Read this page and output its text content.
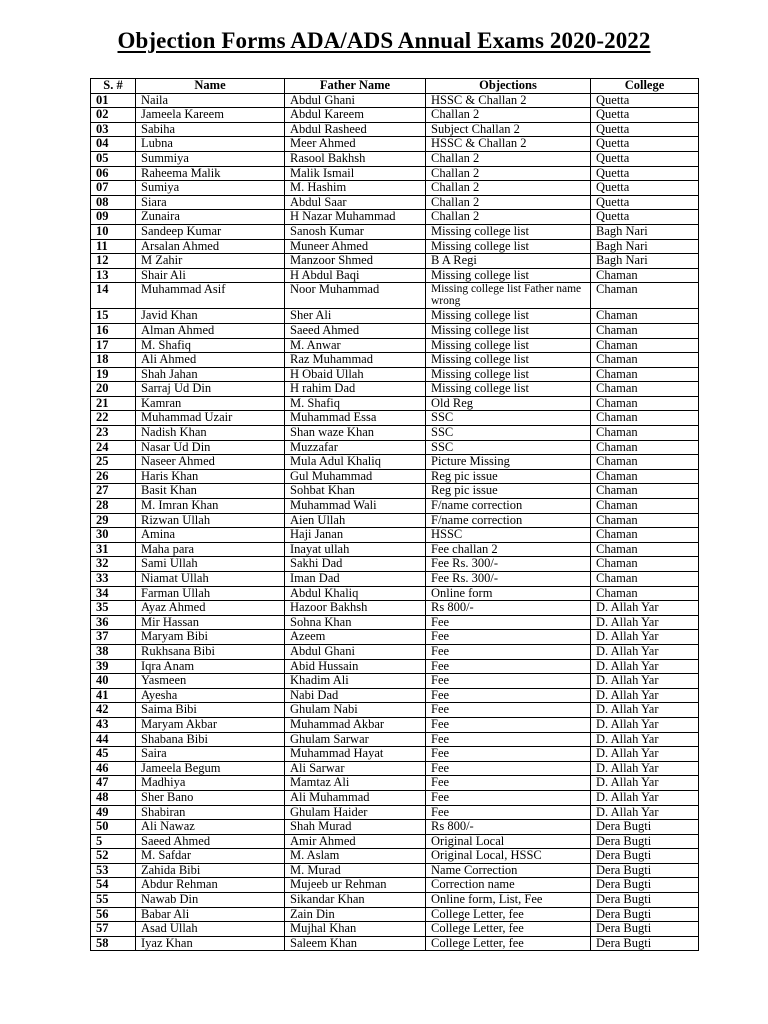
Objection Forms ADA/ADS Annual Exams 2020-2022
S. #	Name	Father Name	Objections	College
01	Naila	Abdul Ghani	HSSC & Challan 2	Quetta
02	Jameela Kareem	Abdul Kareem	Challan 2	Quetta
03	Sabiha	Abdul Rasheed	Subject Challan 2	Quetta
04	Lubna	Meer Ahmed	HSSC & Challan 2	Quetta
05	Summiya	Rasool Bakhsh	Challan 2	Quetta
06	Raheema Malik	Malik Ismail	Challan 2	Quetta
07	Sumiya	M. Hashim	Challan 2	Quetta
08	Siara	Abdul Saar	Challan 2	Quetta
09	Zunaira	H Nazar Muhammad	Challan 2	Quetta
10	Sandeep Kumar	Sanosh Kumar	Missing college list	Bagh Nari
11	Arsalan Ahmed	Muneer Ahmed	Missing college list	Bagh Nari
12	M Zahir	Manzoor Shmed	B A Regi	Bagh Nari
13	Shair Ali	H Abdul Baqi	Missing college list	Chaman
14	Muhammad Asif	Noor Muhammad	Missing college list Father name wrong	Chaman
15	Javid Khan	Sher Ali	Missing college list	Chaman
16	Alman Ahmed	Saeed Ahmed	Missing college list	Chaman
17	M. Shafiq	M. Anwar	Missing college list	Chaman
18	Ali Ahmed	Raz Muhammad	Missing college list	Chaman
19	Shah Jahan	H Obaid Ullah	Missing college list	Chaman
20	Sarraj Ud Din	H rahim Dad	Missing college list	Chaman
21	Kamran	M. Shafiq	Old Reg	Chaman
22	Muhammad Uzair	Muhammad Essa	SSC	Chaman
23	Nadish Khan	Shan waze Khan	SSC	Chaman
24	Nasar Ud Din	Muzzafar	SSC	Chaman
25	Naseer Ahmed	Mula Adul Khaliq	Picture Missing	Chaman
26	Haris Khan	Gul Muhammad	Reg pic issue	Chaman
27	Basit Khan	Sohbat Khan	Reg pic issue	Chaman
28	M. Imran Khan	Muhammad Wali	F/name correction	Chaman
29	Rizwan Ullah	Aien Ullah	F/name correction	Chaman
30	Amina	Haji Janan	HSSC	Chaman
31	Maha para	Inayat ullah	Fee challan 2	Chaman
32	Sami Ullah	Sakhi Dad	Fee Rs. 300/-	Chaman
33	Niamat Ullah	Iman Dad	Fee Rs. 300/-	Chaman
34	Farman Ullah	Abdul Khaliq	Online form	Chaman
35	Ayaz Ahmed	Hazoor Bakhsh	Rs 800/-	D. Allah Yar
36	Mir Hassan	Sohna Khan	Fee	D. Allah Yar
37	Maryam Bibi	Azeem	Fee	D. Allah Yar
38	Rukhsana Bibi	Abdul Ghani	Fee	D. Allah Yar
39	Iqra Anam	Abid Hussain	Fee	D. Allah Yar
40	Yasmeen	Khadim Ali	Fee	D. Allah Yar
41	Ayesha	Nabi Dad	Fee	D. Allah Yar
42	Saima Bibi	Ghulam Nabi	Fee	D. Allah Yar
43	Maryam Akbar	Muhammad Akbar	Fee	D. Allah Yar
44	Shabana Bibi	Ghulam Sarwar	Fee	D. Allah Yar
45	Saira	Muhammad Hayat	Fee	D. Allah Yar
46	Jameela Begum	Ali Sarwar	Fee	D. Allah Yar
47	Madhiya	Mamtaz Ali	Fee	D. Allah Yar
48	Sher Bano	Ali Muhammad	Fee	D. Allah Yar
49	Shabiran	Ghulam Haider	Fee	D. Allah Yar
50	Ali Nawaz	Shah Murad	Rs 800/-	Dera Bugti
5	Saeed Ahmed	Amir Ahmed	Original Local	Dera Bugti
52	M. Safdar	M. Aslam	Original Local, HSSC	Dera Bugti
53	Zahida Bibi	M. Murad	Name Correction	Dera Bugti
54	Abdur Rehman	Mujeeb ur Rehman	Correction name	Dera Bugti
55	Nawab Din	Sikandar Khan	Online form, List, Fee	Dera Bugti
56	Babar Ali	Zain Din	College Letter, fee	Dera Bugti
57	Asad Ullah	Mujhal Khan	College Letter, fee	Dera Bugti
58	Iyaz Khan	Saleem Khan	College Letter, fee	Dera Bugti
